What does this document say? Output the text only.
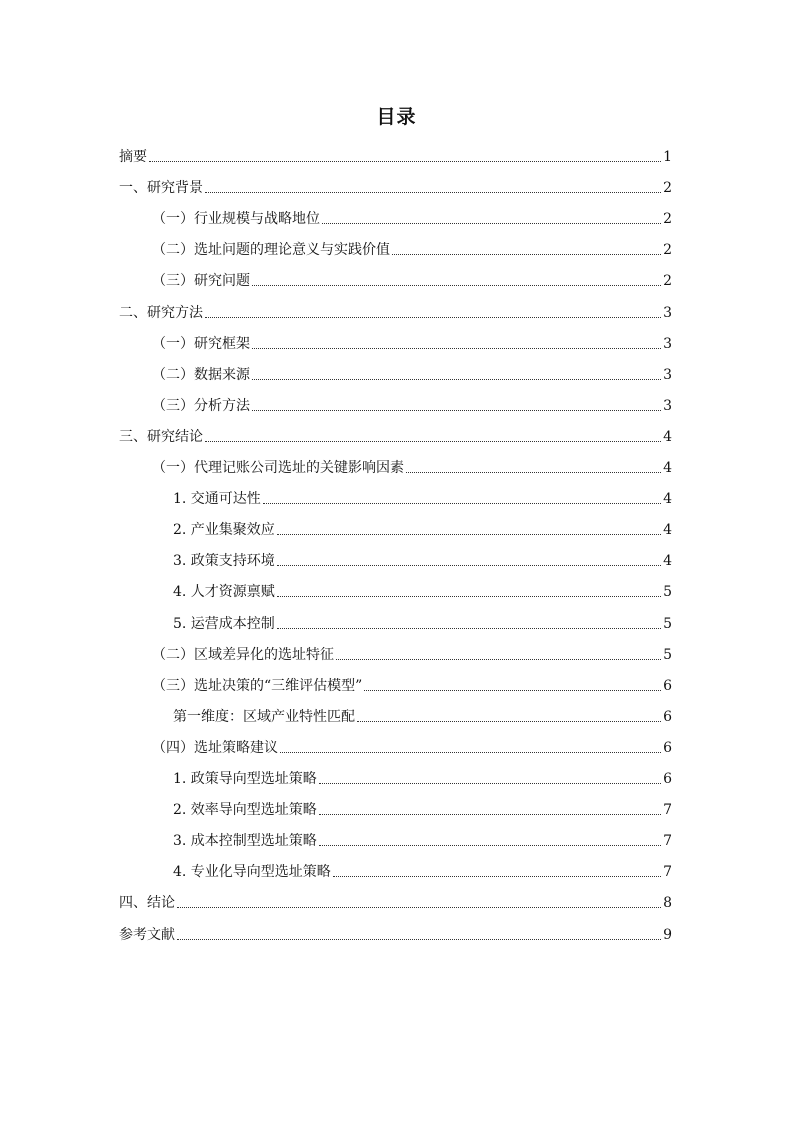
目录
摘要	1
一、研究背景	2
（一）行业规模与战略地位	2
（二）选址问题的理论意义与实践价值	2
（三）研究问题	2
二、研究方法	3
（一）研究框架	3
（二）数据来源	3
（三）分析方法	3
三、研究结论	4
（一）代理记账公司选址的关键影响因素	4
1. 交通可达性	4
2. 产业集聚效应	4
3. 政策支持环境	4
4. 人才资源禀赋	5
5. 运营成本控制	5
（二）区域差异化的选址特征	5
（三）选址决策的“三维评估模型”	6
第一维度：区域产业特性匹配	6
（四）选址策略建议	6
1. 政策导向型选址策略	6
2. 效率导向型选址策略	7
3. 成本控制型选址策略	7
4. 专业化导向型选址策略	7
四、结论	8
参考文献	9
